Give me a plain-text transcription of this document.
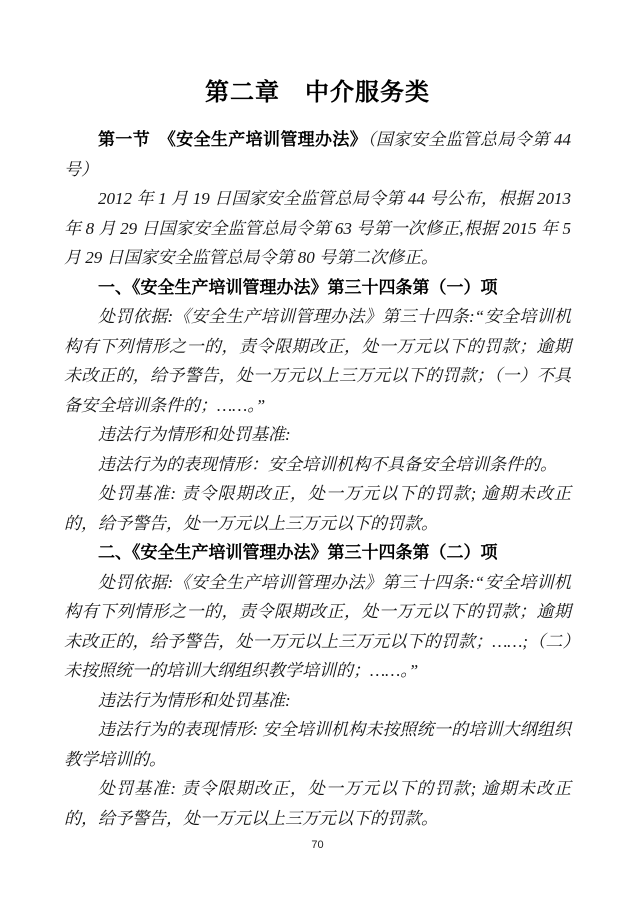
第二章　中介服务类

第一节　《安全生产培训管理办法》（国家安全监管总局令第 44 号）

2012 年 1 月 19 日国家安全监管总局令第 44 号公布，根据 2013 年 8 月 29 日国家安全监管总局令第 63 号第一次修正,根据 2015 年 5 月 29 日国家安全监管总局令第 80 号第二次修正。

一、《安全生产培训管理办法》第三十四条第（一）项

处罚依据:《安全生产培训管理办法》第三十四条:“安全培训机构有下列情形之一的，责令限期改正，处一万元以下的罚款；逾期未改正的，给予警告，处一万元以上三万元以下的罚款；（一）不具备安全培训条件的；……。”

违法行为情形和处罚基准:

违法行为的表现情形：安全培训机构不具备安全培训条件的。

处罚基准: 责令限期改正，处一万元以下的罚款; 逾期未改正的，给予警告，处一万元以上三万元以下的罚款。

二、《安全生产培训管理办法》第三十四条第（二）项

处罚依据:《安全生产培训管理办法》第三十四条:“安全培训机构有下列情形之一的，责令限期改正，处一万元以下的罚款；逾期未改正的，给予警告，处一万元以上三万元以下的罚款；……;（二）未按照统一的培训大纲组织教学培训的；……。”

违法行为情形和处罚基准:

违法行为的表现情形: 安全培训机构未按照统一的培训大纲组织教学培训的。

处罚基准: 责令限期改正，处一万元以下的罚款; 逾期未改正的，给予警告，处一万元以上三万元以下的罚款。

70
